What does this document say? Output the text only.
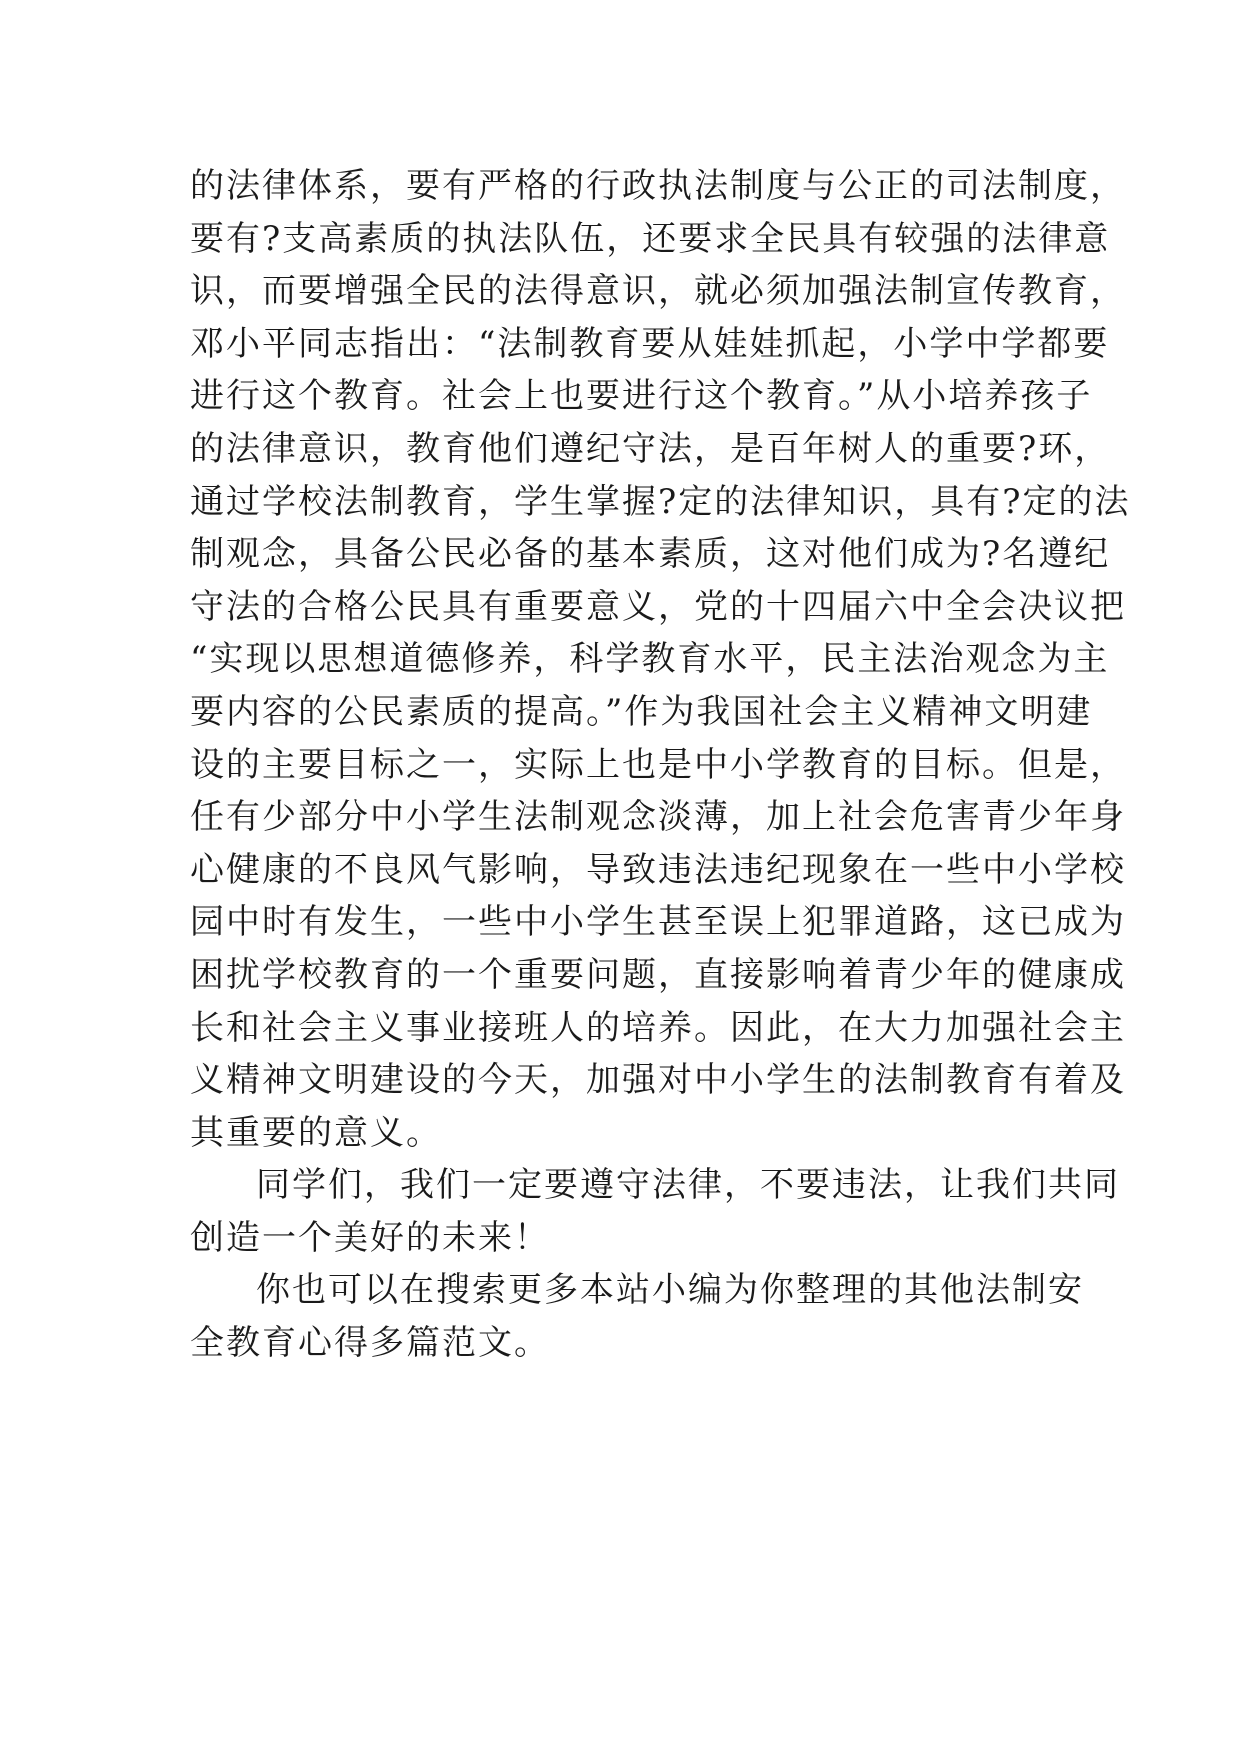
的法律体系，要有严格的行政执法制度与公正的司法制度，
要有?支高素质的执法队伍，还要求全民具有较强的法律意
识，而要增强全民的法得意识，就必须加强法制宣传教育，
邓小平同志指出：“法制教育要从娃娃抓起，小学中学都要
进行这个教育。社会上也要进行这个教育。”从小培养孩子
的法律意识，教育他们遵纪守法，是百年树人的重要?环，
通过学校法制教育，学生掌握?定的法律知识，具有?定的法
制观念，具备公民必备的基本素质，这对他们成为?名遵纪
守法的合格公民具有重要意义，党的十四届六中全会决议把
“实现以思想道德修养，科学教育水平，民主法治观念为主
要内容的公民素质的提高。”作为我国社会主义精神文明建
设的主要目标之一，实际上也是中小学教育的目标。但是，
任有少部分中小学生法制观念淡薄，加上社会危害青少年身
心健康的不良风气影响，导致违法违纪现象在一些中小学校
园中时有发生，一些中小学生甚至误上犯罪道路，这已成为
困扰学校教育的一个重要问题，直接影响着青少年的健康成
长和社会主义事业接班人的培养。因此，在大力加强社会主
义精神文明建设的今天，加强对中小学生的法制教育有着及
其重要的意义。
同学们，我们一定要遵守法律，不要违法，让我们共同
创造一个美好的未来！
你也可以在搜索更多本站小编为你整理的其他法制安
全教育心得多篇范文。
